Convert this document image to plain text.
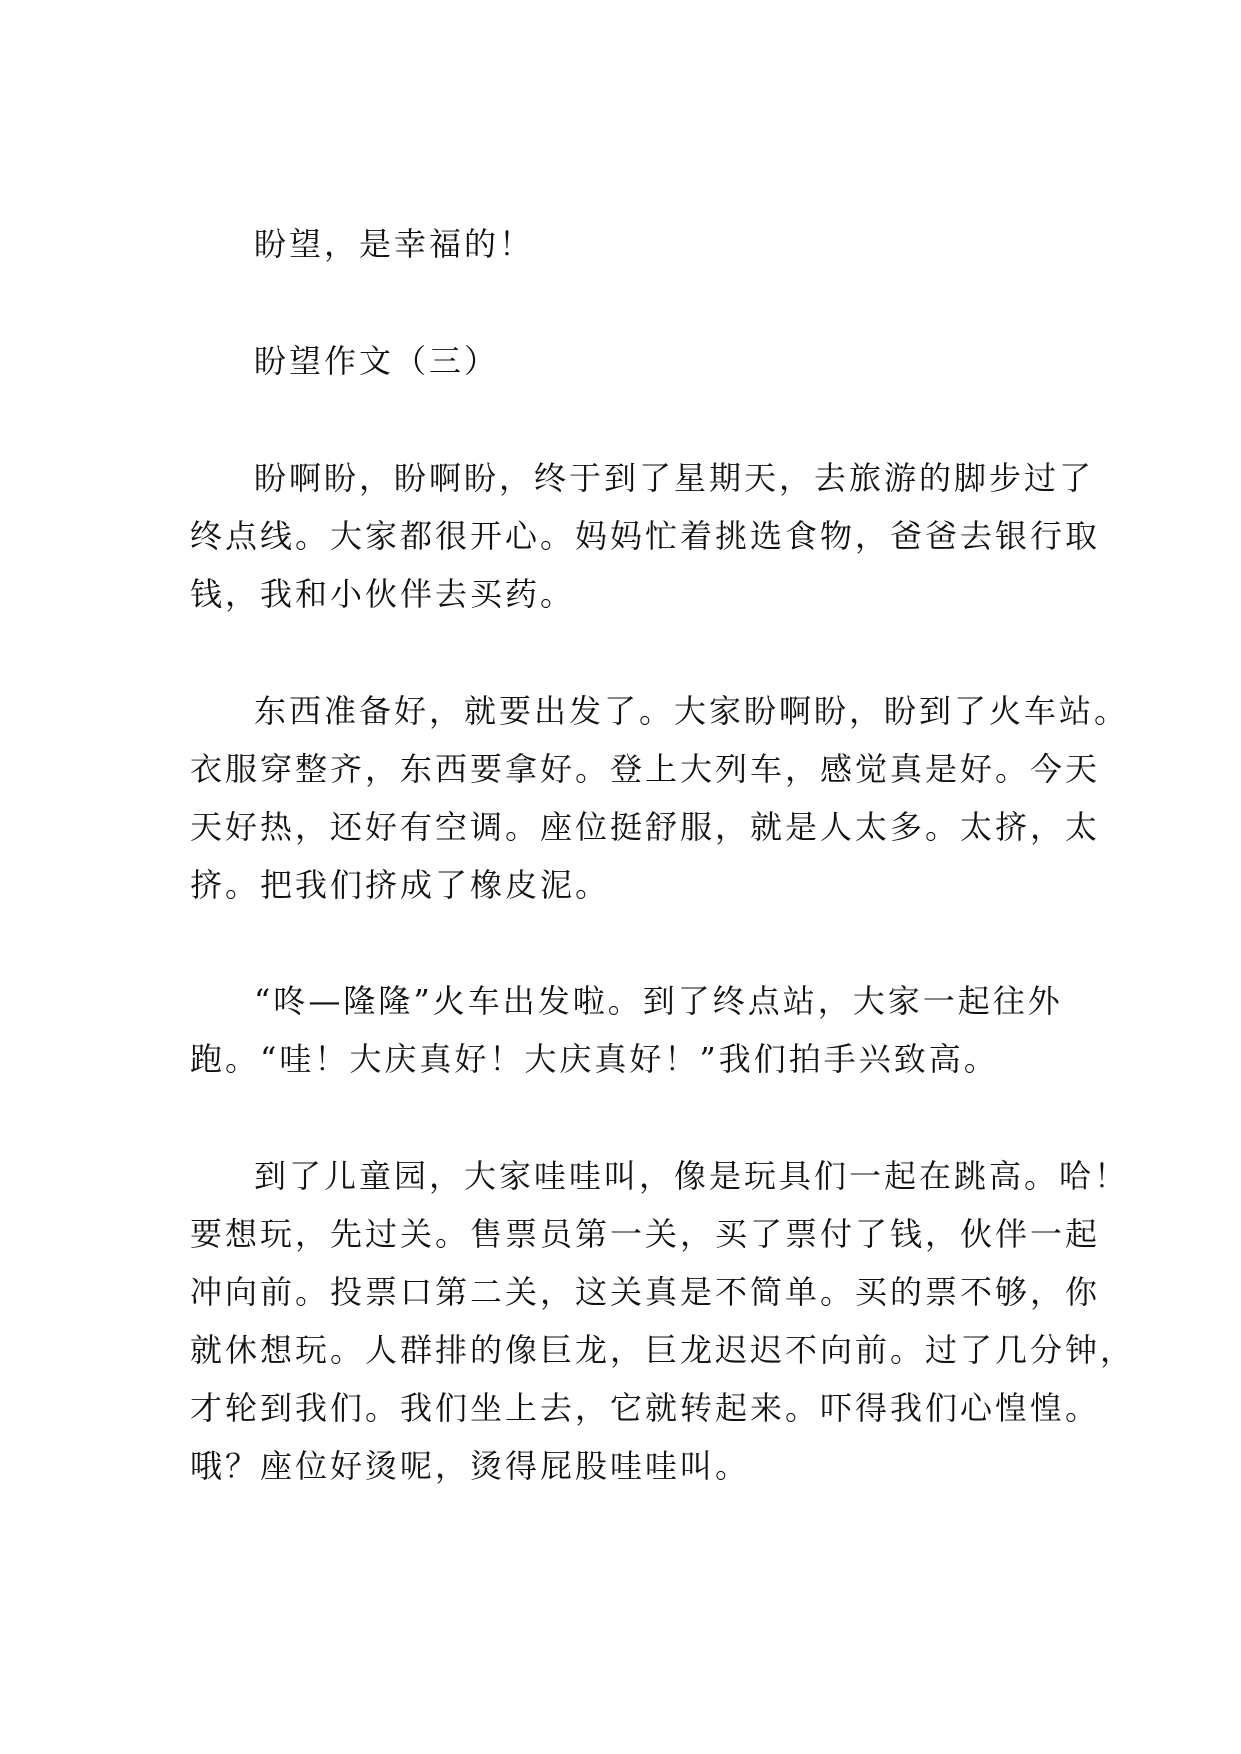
盼望，是幸福的！
盼望作文（三）
盼啊盼，盼啊盼，终于到了星期天，去旅游的脚步过了
终点线。大家都很开心。妈妈忙着挑选食物，爸爸去银行取
钱，我和小伙伴去买药。
东西准备好，就要出发了。大家盼啊盼，盼到了火车站。
衣服穿整齐，东西要拿好。登上大列车，感觉真是好。今天
天好热，还好有空调。座位挺舒服，就是人太多。太挤，太
挤。把我们挤成了橡皮泥。
“咚—隆隆”火车出发啦。到了终点站，大家一起往外
跑。“哇！大庆真好！大庆真好！”我们拍手兴致高。
到了儿童园，大家哇哇叫，像是玩具们一起在跳高。哈！
要想玩，先过关。售票员第一关，买了票付了钱，伙伴一起
冲向前。投票口第二关，这关真是不简单。买的票不够，你
就休想玩。人群排的像巨龙，巨龙迟迟不向前。过了几分钟，
才轮到我们。我们坐上去，它就转起来。吓得我们心惶惶。
哦？座位好烫呢，烫得屁股哇哇叫。
